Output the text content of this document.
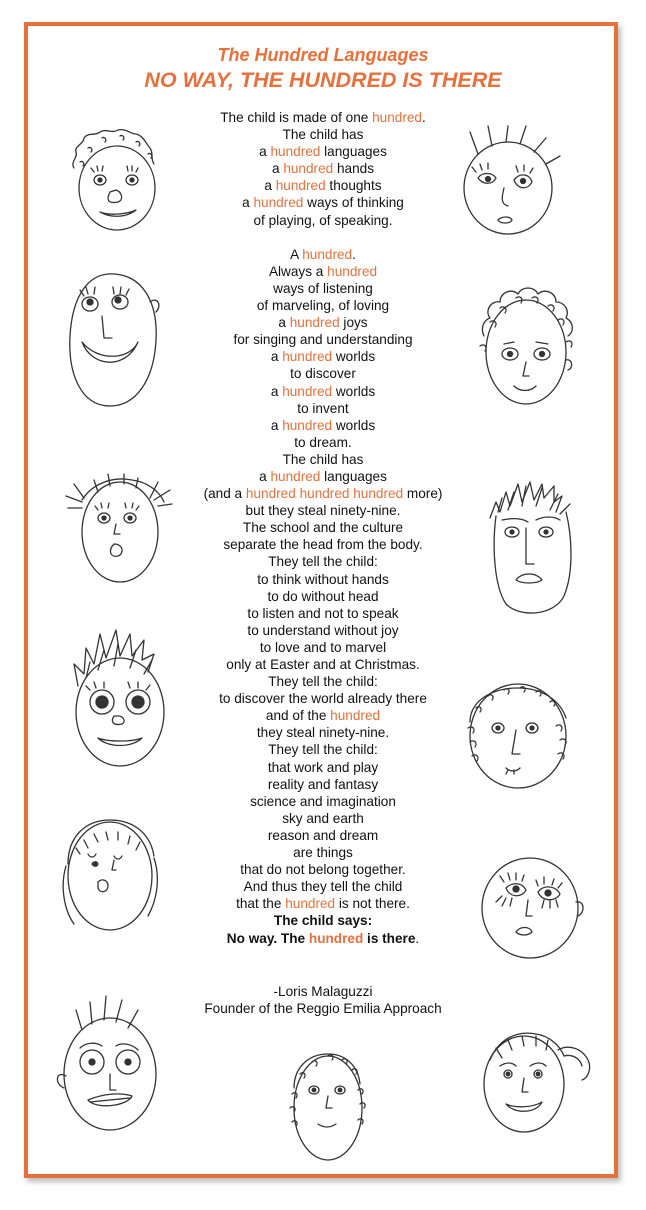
The Hundred Languages
NO WAY, THE HUNDRED IS THERE
The child is made of one hundred.
The child has
a hundred languages
a hundred hands
a hundred thoughts
a hundred ways of thinking
of playing, of speaking.
A hundred.
Always a hundred
ways of listening
of marveling, of loving
a hundred joys
for singing and understanding
a hundred worlds
to discover
a hundred worlds
to invent
a hundred worlds
to dream.
The child has
a hundred languages
(and a hundred hundred hundred more)
but they steal ninety-nine.
The school and the culture
separate the head from the body.
They tell the child:
to think without hands
to do without head
to listen and not to speak
to understand without joy
to love and to marvel
only at Easter and at Christmas.
They tell the child:
to discover the world already there
and of the hundred
they steal ninety-nine.
They tell the child:
that work and play
reality and fantasy
science and imagination
sky and earth
reason and dream
are things
that do not belong together.
And thus they tell the child
that the hundred is not there.
The child says:
No way. The hundred is there.
-Loris Malaguzzi
Founder of the Reggio Emilia Approach
